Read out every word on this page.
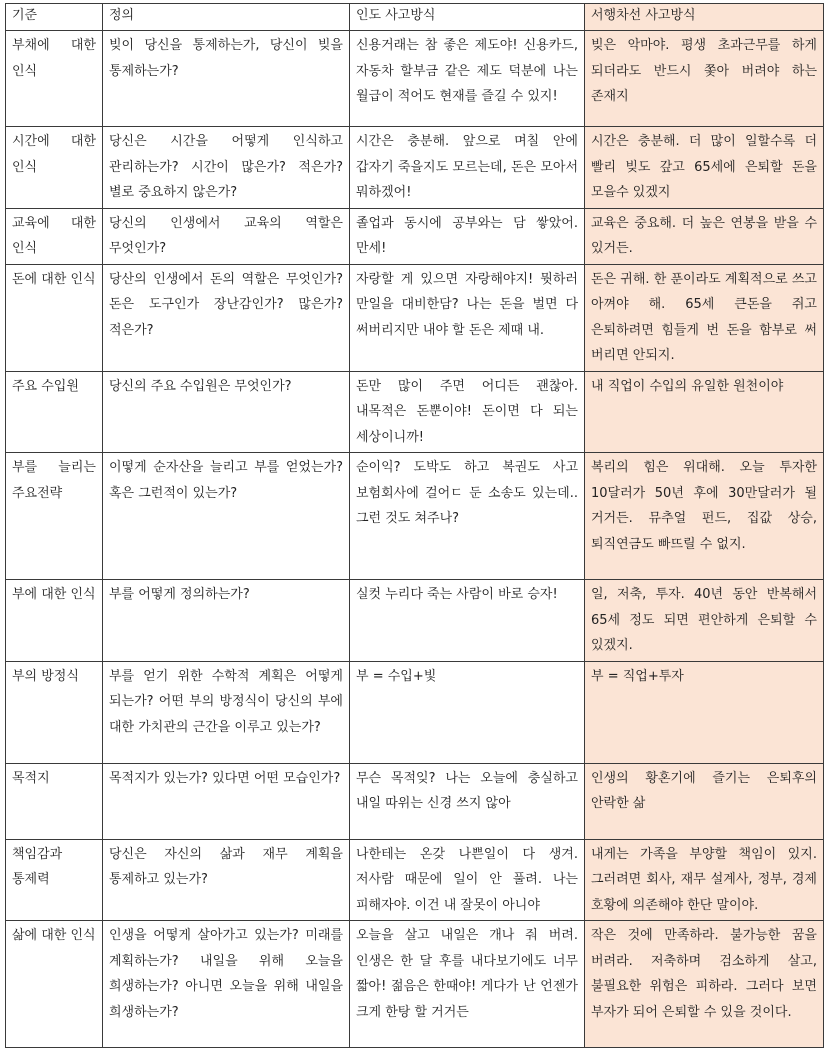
기준	정의	인도 사고방식	서행차선 사고방식
부채에 대한 인식	빚이 당신을 통제하는가, 당신이 빚을 통제하는가?	신용거래는 참 좋은 제도야! 신용카드, 자동차 할부금 같은 제도 덕분에 나는 월급이 적어도 현재를 즐길 수 있지!	빚은 악마야. 평생 초과근무를 하게 되더라도 반드시 쫓아 버려야 하는 존재지
시간에 대한 인식	당신은 시간을 어떻게 인식하고 관리하는가? 시간이 많은가? 적은가? 별로 중요하지 않은가?	시간은 충분해. 앞으로 며칠 안에 갑자기 죽을지도 모르는데, 돈은 모아서 뭐하겠어!	시간은 충분해. 더 많이 일할수록 더 빨리 빚도 갚고 65세에 은퇴할 돈을 모을수 있겠지
교육에 대한 인식	당신의 인생에서 교육의 역할은 무엇인가?	졸업과 동시에 공부와는 담 쌓았어. 만세!	교육은 중요해. 더 높은 연봉을 받을 수 있거든.
돈에 대한 인식	당산의 인생에서 돈의 역할은 무엇인가? 돈은 도구인가 장난감인가? 많은가? 적은가?	자랑할 게 있으면 자랑해야지! 뭣하러 만일을 대비한담? 나는 돈을 벌면 다 써버리지만 내야 할 돈은 제때 내.	돈은 귀해. 한 푼이라도 계획적으로 쓰고 아껴야 해. 65세 큰돈을 쥐고 은퇴하려면 힘들게 번 돈을 함부로 써 버리면 안되지.
주요 수입원	당신의 주요 수입원은 무엇인가?	돈만 많이 주면 어디든 괜찮아. 내목적은 돈뿐이야! 돈이면 다 되는 세상이니까!	내 직업이 수입의 유일한 원천이야
부를 늘리는 주요전략	이떻게 순자산을 늘리고 부를 얻었는가? 혹은 그런적이 있는가?	순이익? 도박도 하고 복권도 사고 보험회사에 걸어ㄷ 둔 소송도 있는데.. 그런 것도 쳐주나?	복리의 힘은 위대해. 오늘 투자한 10달러가 50년 후에 30만달러가 될 거거든. 뮤추얼 펀드, 집값 상승, 퇴직연금도 빠뜨릴 수 없지.
부에 대한 인식	부를 어떻게 정의하는가?	실컷 누리다 죽는 사람이 바로 승자!	일, 저축, 투자. 40년 동안 반복해서 65세 정도 되면 편안하게 은퇴할 수 있겠지.
부의 방정식	부를 얻기 위한 수학적 계획은 어떻게 되는가? 어떤 부의 방정식이 당신의 부에 대한 가치관의 근간을 이루고 있는가?	부 = 수입+빛	부 = 직업+투자
목적지	목적지가 있는가? 있다면 어떤 모습인가?	무슨 목적잊? 나는 오늘에 충실하고 내일 따위는 신경 쓰지 않아	인생의 황혼기에 즐기는 은퇴후의 안락한 삶
책임감과 통제력	당신은 자신의 삶과 재무 계획을 통제하고 있는가?	나한테는 온갖 나쁜일이 다 생겨. 저사람 때문에 일이 안 풀려. 나는 피해자야. 이건 내 잘못이 아니야	내게는 가족을 부양할 책임이 있지. 그러려면 회사, 재무 설계사, 정부, 경제 호황에 의존해야 한단 말이야.
삶에 대한 인식	인생을 어떻게 살아가고 있는가? 미래를 계획하는가? 내일을 위해 오늘을 희생하는가? 아니면 오늘을 위해 내일을 희생하는가?	오늘을 살고 내일은 개나 줘 버려. 인생은 한 달 후를 내다보기에도 너무 짧아! 젊음은 한때야! 게다가 난 언젠가 크게 한탕 할 거거든	작은 것에 만족하라. 불가능한 꿈을 버려라. 저축하며 검소하게 살고, 불필요한 위험은 피하라. 그러다 보면 부자가 되어 은퇴할 수 있을 것이다.
